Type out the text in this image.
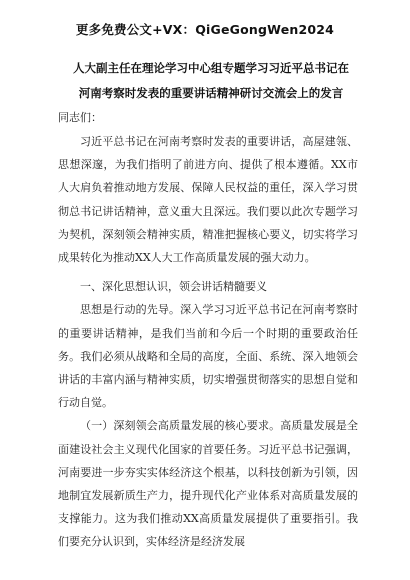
更多免费公文+VX：QiGeGongWen2024
人大副主任在理论学习中心组专题学习习近平总书记在河南考察时发表的重要讲话精神研讨交流会上的发言
同志们：

习近平总书记在河南考察时发表的重要讲话，高屋建瓴、思想深邃，为我们指明了前进方向、提供了根本遵循。XX市人大肩负着推动地方发展、保障人民权益的重任，深入学习贯彻总书记讲话精神，意义重大且深远。我们要以此次专题学习为契机，深刻领会精神实质，精准把握核心要义，切实将学习成果转化为推动XX人大工作高质量发展的强大动力。

一、深化思想认识，领会讲话精髓要义

思想是行动的先导。深入学习习近平总书记在河南考察时的重要讲话精神，是我们当前和今后一个时期的重要政治任务。我们必须从战略和全局的高度，全面、系统、深入地领会讲话的丰富内涵与精神实质，切实增强贯彻落实的思想自觉和行动自觉。

（一）深刻领会高质量发展的核心要求。高质量发展是全面建设社会主义现代化国家的首要任务。习近平总书记强调，河南要进一步夯实实体经济这个根基，以科技创新为引领，因地制宜发展新质生产力，提升现代化产业体系对高质量发展的支撑能力。这为我们推动XX高质量发展提供了重要指引。我们要充分认识到，实体经济是经济发展
